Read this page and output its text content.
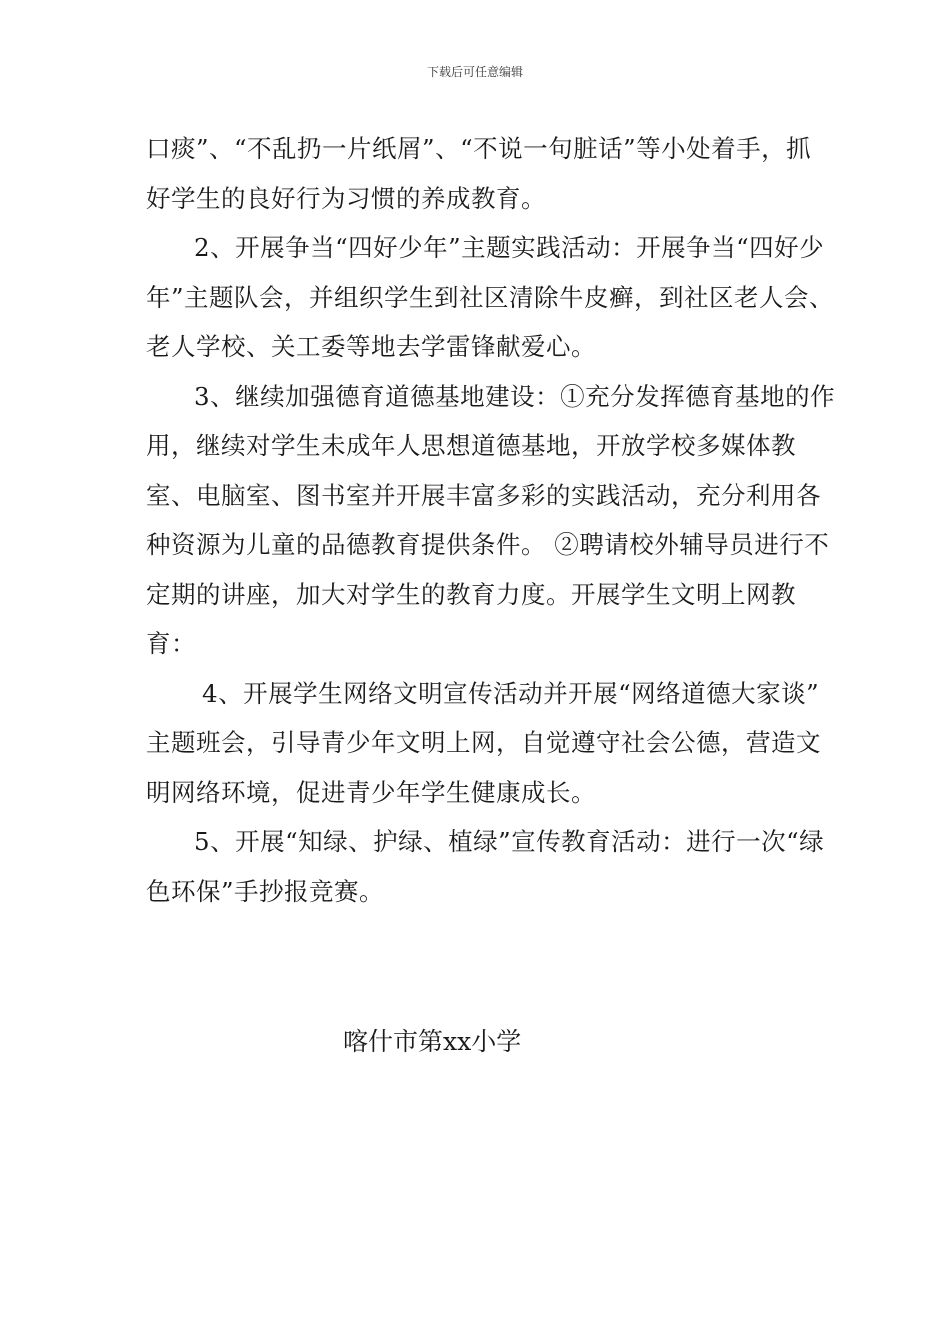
下载后可任意编辑

口痰”、“不乱扔一片纸屑”、“不说一句脏话”等小处着手，抓好学生的良好行为习惯的养成教育。

2、开展争当“四好少年”主题实践活动：开展争当“四好少年”主题队会，并组织学生到社区清除牛皮癣，到社区老人会、老人学校、关工委等地去学雷锋献爱心。

3、继续加强德育道德基地建设：①充分发挥德育基地的作用，继续对学生未成年人思想道德基地，开放学校多媒体教室、电脑室、图书室并开展丰富多彩的实践活动，充分利用各种资源为儿童的品德教育提供条件。 ②聘请校外辅导员进行不定期的讲座，加大对学生的教育力度。开展学生文明上网教育：

4、开展学生网络文明宣传活动并开展“网络道德大家谈” 主题班会，引导青少年文明上网，自觉遵守社会公德，营造文明网络环境，促进青少年学生健康成长。

5、开展“知绿、护绿、植绿”宣传教育活动：进行一次“绿色环保”手抄报竞赛。

喀什市第xx小学
